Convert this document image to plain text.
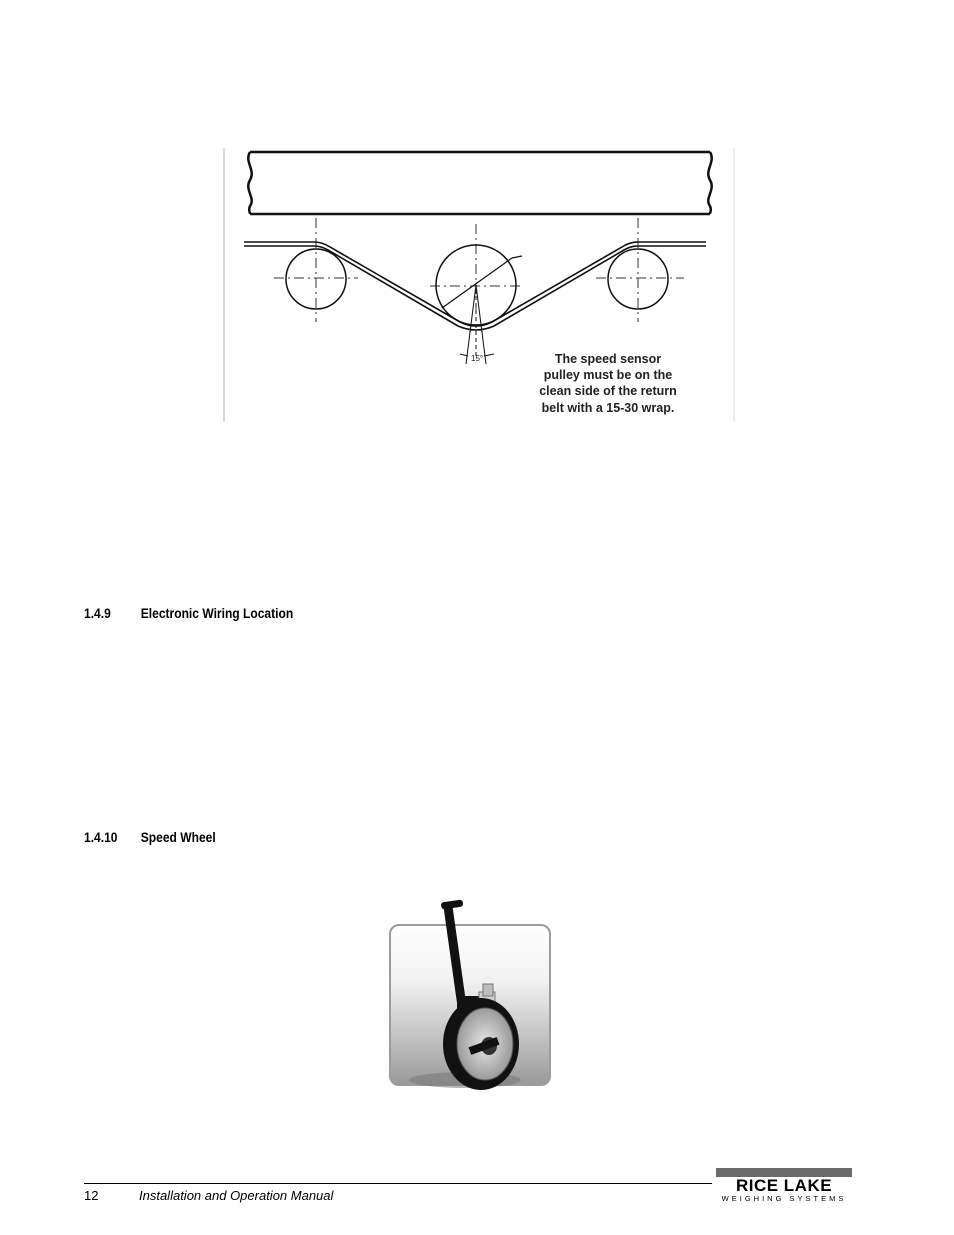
15°	The speed sensor
pulley must be on the
clean side of the return
belt with a 15-30 wrap.
1.4.9 Electronic Wiring Location
1.4.10 Speed Wheel
12	Installation and Operation Manual
RICE LAKE
WEIGHING SYSTEMS
